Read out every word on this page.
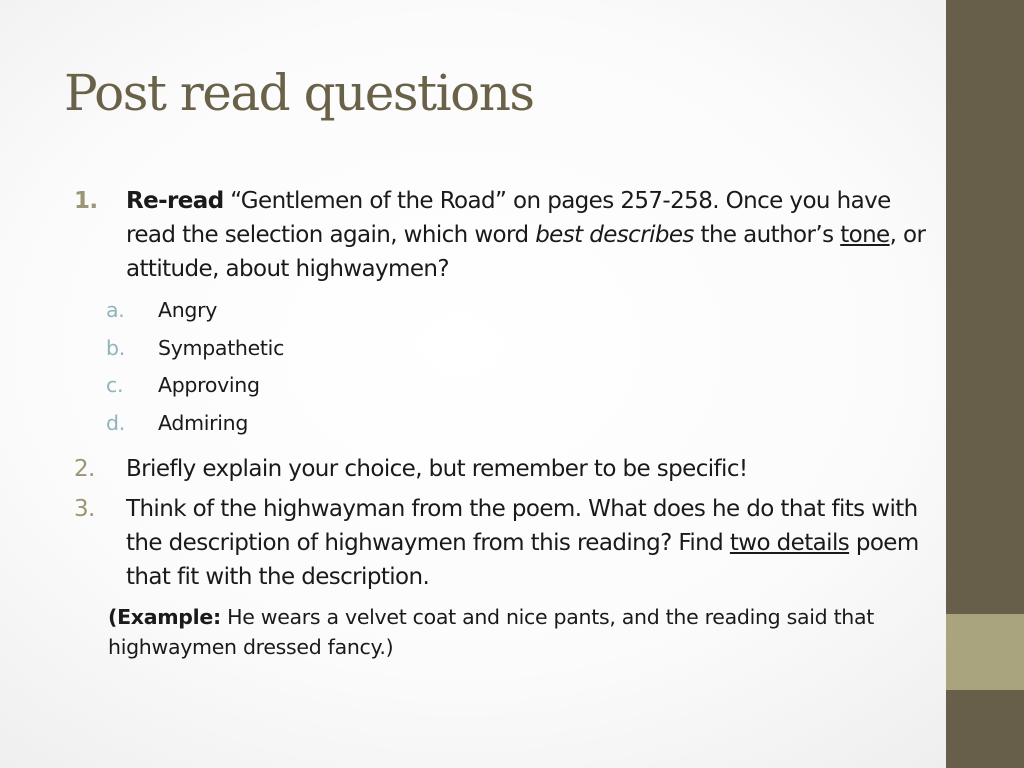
Post read questions
1. Re-read “Gentlemen of the Road” on pages 257-258. Once you have read the selection again, which word best describes the author’s tone, or attitude, about highwaymen?
a. Angry
b. Sympathetic
c. Approving
d. Admiring
2. Briefly explain your choice, but remember to be specific!
3. Think of the highwayman from the poem. What does he do that fits with the description of highwaymen from this reading? Find two details poem that fit with the description.
(Example: He wears a velvet coat and nice pants, and the reading said that highwaymen dressed fancy.)
